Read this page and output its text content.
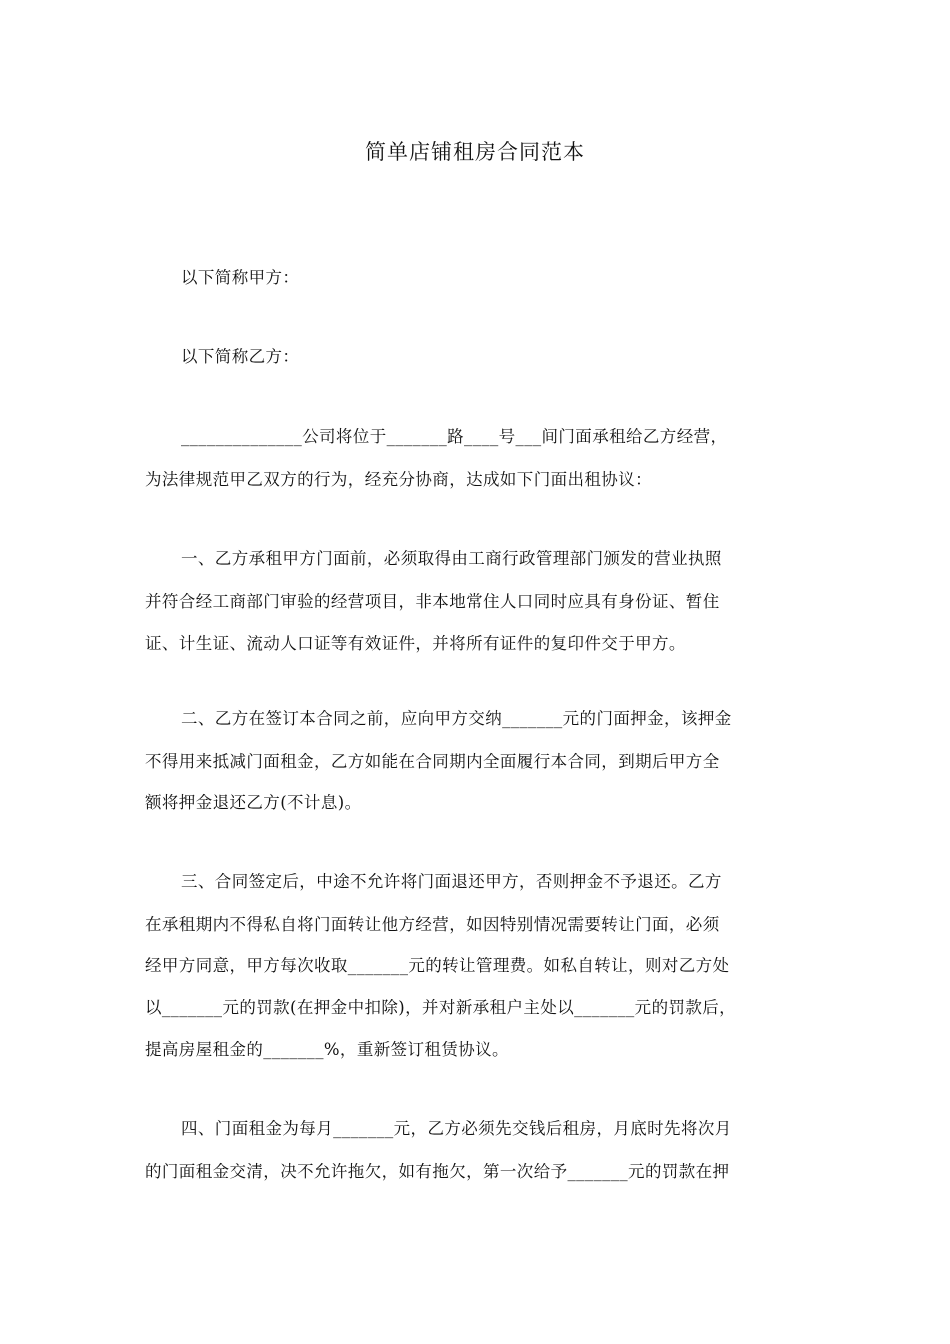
简单店铺租房合同范本

以下简称甲方：

以下简称乙方：

______________公司将位于_______路____号___间门面承租给乙方经营，

为法律规范甲乙双方的行为，经充分协商，达成如下门面出租协议：

一、乙方承租甲方门面前，必须取得由工商行政管理部门颁发的营业执照

并符合经工商部门审验的经营项目，非本地常住人口同时应具有身份证、暂住

证、计生证、流动人口证等有效证件，并将所有证件的复印件交于甲方。

二、乙方在签订本合同之前，应向甲方交纳_______元的门面押金，该押金

不得用来抵减门面租金，乙方如能在合同期内全面履行本合同，到期后甲方全

额将押金退还乙方(不计息)。

三、合同签定后，中途不允许将门面退还甲方，否则押金不予退还。乙方

在承租期内不得私自将门面转让他方经营，如因特别情况需要转让门面，必须

经甲方同意，甲方每次收取_______元的转让管理费。如私自转让，则对乙方处

以_______元的罚款(在押金中扣除)，并对新承租户主处以_______元的罚款后，

提高房屋租金的_______%，重新签订租赁协议。

四、门面租金为每月_______元，乙方必须先交钱后租房，月底时先将次月

的门面租金交清，决不允许拖欠，如有拖欠，第一次给予_______元的罚款在押
